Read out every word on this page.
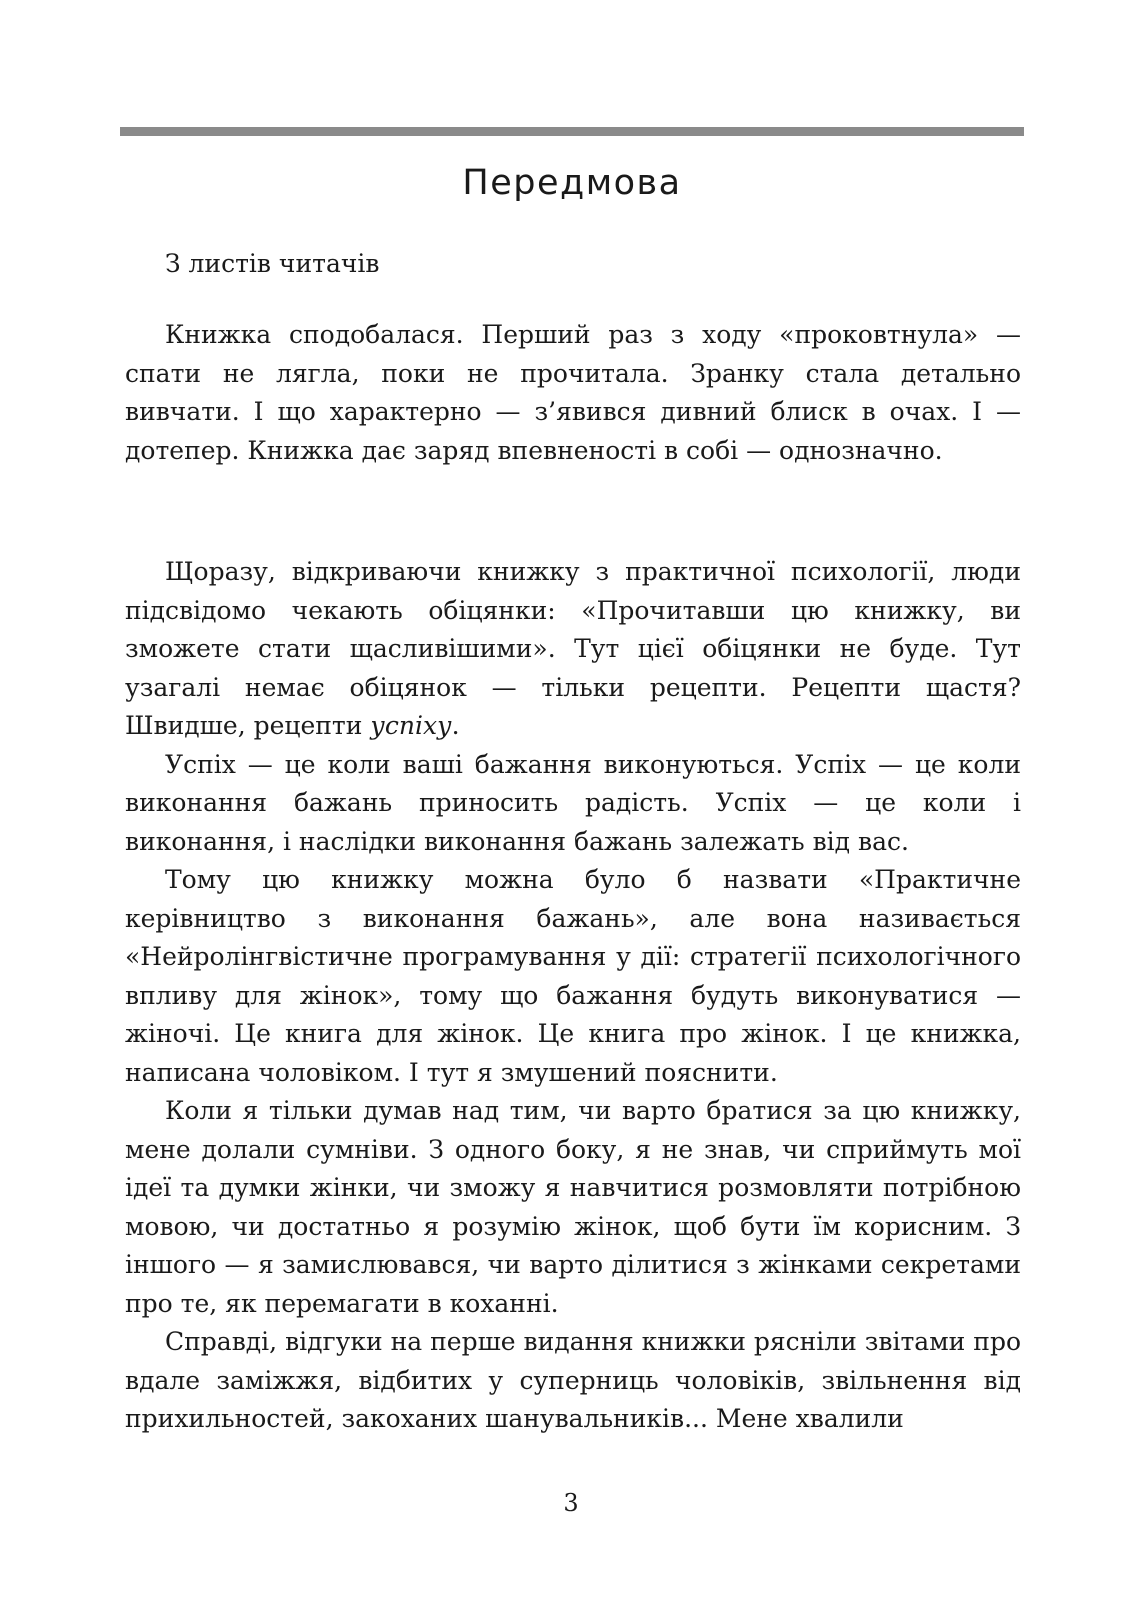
Передмова

З листів читачів

Книжка сподобалася. Перший раз з ходу «проковтнула» — спати не лягла, поки не прочитала. Зранку стала детально вивчати. І що характерно — з’явився дивний блиск в очах. І — дотепер. Книжка дає заряд впевненості в собі — однозначно.

Щоразу, відкриваючи книжку з практичної психології, люди підсвідомо чекають обіцянки: «Прочитавши цю книжку, ви зможете стати щасливішими». Тут цієї обіцянки не буде. Тут узагалі немає обіцянок — тільки рецепти. Рецепти щастя? Швидше, рецепти успіху.

Успіх — це коли ваші бажання виконуються. Успіх — це коли виконання бажань приносить радість. Успіх — це коли і виконання, і наслідки виконання бажань залежать від вас.

Тому цю книжку можна було б назвати «Практичне керівництво з виконання бажань», але вона називається «Нейролінгвістичне програмування у дії: стратегії психологічного впливу для жінок», тому що бажання будуть виконуватися — жіночі. Це книга для жінок. Це книга про жінок. І це книжка, написана чоловіком. І тут я змушений пояснити.

Коли я тільки думав над тим, чи варто братися за цю книжку, мене долали сумніви. З одного боку, я не знав, чи сприймуть мої ідеї та думки жінки, чи зможу я навчитися розмовляти потрібною мовою, чи достатньо я розумію жінок, щоб бути їм корисним. З іншого — я замислювався, чи варто ділитися з жінками секретами про те, як перемагати в коханні.

Справді, відгуки на перше видання книжки рясніли звітами про вдале заміжжя, відбитих у суперниць чоловіків, звільнення від прихильностей, закоханих шанувальників... Мене хвалили

3
